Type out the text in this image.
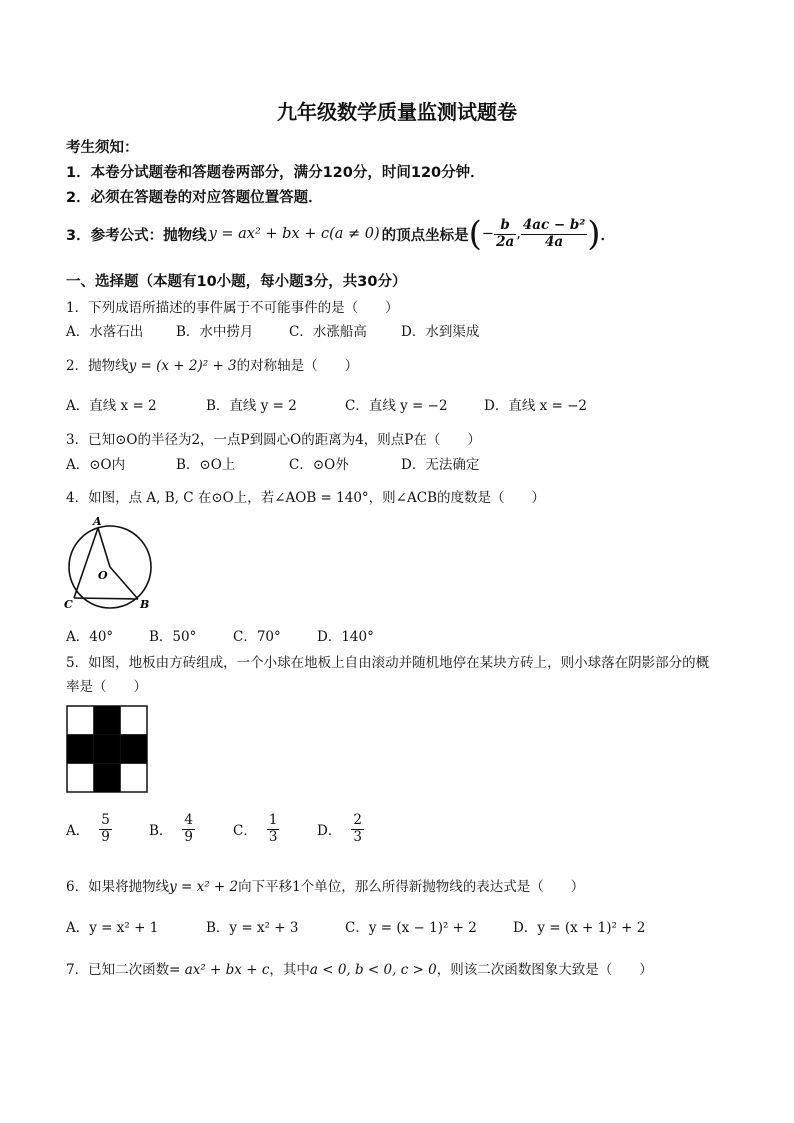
九年级数学质量监测试题卷
考生须知：
1．本卷分试题卷和答题卷两部分，满分120分，时间120分钟．
2．必须在答题卷的对应答题位置答题．
3．参考公式：抛物线 y = ax² + bx + c(a ≠ 0) 的顶点坐标是 ( − $\frac{b}{2a}$ , $\frac{\text{4ac − b²}}{4a}$ ) ．
一、选择题（本题有10小题，每小题3分，共30分）
1．下列成语所描述的事件属于不可能事件的是（　　）
A．水落石出 B．水中捞月	C．水涨船高	D．水到渠成
2．抛物线y = (x + 2)² + 3的对称轴是（　　）
A．直线 x = 2	B．直线 y = 2	C．直线 y = −2	D．直线 x = −2
3．已知⊙O的半径为2，一点P到圆心O的距离为4，则点P在（　　）
A．⊙O内	B．⊙O上	C．⊙O外	D．无法确定
4．如图，点 A, B, C 在⊙O上，若∠AOB = 140°，则∠ACB的度数是（　　）
A
O
C	B
A．40°	B．50°	C．70°	D．140°
5．如图，地板由方砖组成，一个小球在地板上自由滚动并随机地停在某块方砖上，则小球落在阴影部分的概
率是（　　）
A． $\frac{5}{9}$	B． $\frac{4}{9}$	C． $\frac{1}{3}$	D． $\frac{2}{3}$
6．如果将抛物线y = x² + 2向下平移1个单位，那么所得新抛物线的表达式是（　　）
A．y = x² + 1	B．y = x² + 3	C．y = (x − 1)² + 2	D．y = (x + 1)² + 2
7．已知二次函数= ax² + bx + c，其中a < 0, b < 0, c > 0，则该二次函数图象大致是（　　）
